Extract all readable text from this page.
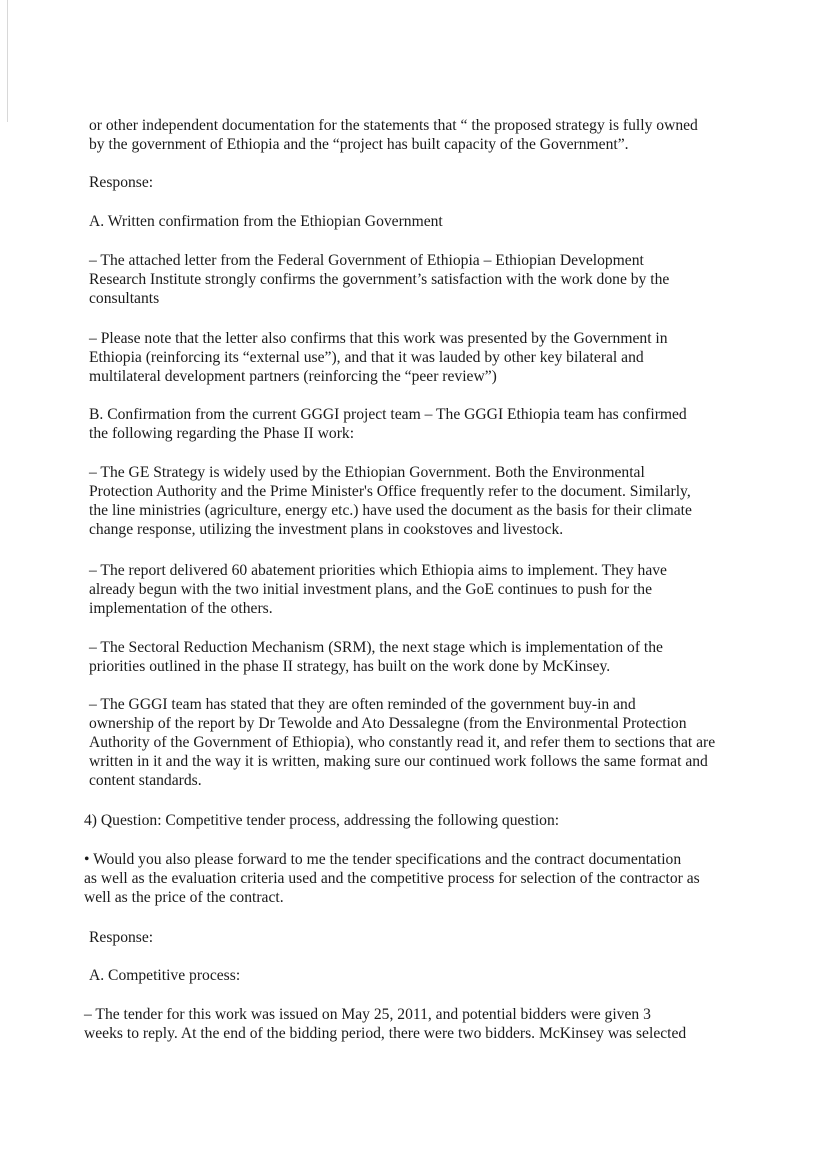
or other independent documentation for the statements that “ the proposed strategy is fully owned
by the government of Ethiopia and the “project has built capacity of the Government”.

Response:

A. Written confirmation from the Ethiopian Government

– The attached letter from the Federal Government of Ethiopia – Ethiopian Development
Research Institute strongly confirms the government’s satisfaction with the work done by the
consultants

– Please note that the letter also confirms that this work was presented by the Government in
Ethiopia (reinforcing its “external use”), and that it was lauded by other key bilateral and
multilateral development partners (reinforcing the “peer review”)

B. Confirmation from the current GGGI project team – The GGGI Ethiopia team has confirmed
the following regarding the Phase II work:

– The GE Strategy is widely used by the Ethiopian Government. Both the Environmental
Protection Authority and the Prime Minister's Office frequently refer to the document. Similarly,
the line ministries (agriculture, energy etc.) have used the document as the basis for their climate
change response, utilizing the investment plans in cookstoves and livestock.

– The report delivered 60 abatement priorities which Ethiopia aims to implement. They have
already begun with the two initial investment plans, and the GoE continues to push for the
implementation of the others.

– The Sectoral Reduction Mechanism (SRM), the next stage which is implementation of the
priorities outlined in the phase II strategy, has built on the work done by McKinsey.

– The GGGI team has stated that they are often reminded of the government buy-in and
ownership of the report by Dr Tewolde and Ato Dessalegne (from the Environmental Protection
Authority of the Government of Ethiopia), who constantly read it, and refer them to sections that are
written in it and the way it is written, making sure our continued work follows the same format and
content standards.

4) Question: Competitive tender process, addressing the following question:

• Would you also please forward to me the tender specifications and the contract documentation
as well as the evaluation criteria used and the competitive process for selection of the contractor as
well as the price of the contract.

Response:

A. Competitive process:

– The tender for this work was issued on May 25, 2011, and potential bidders were given 3
weeks to reply. At the end of the bidding period, there were two bidders. McKinsey was selected
